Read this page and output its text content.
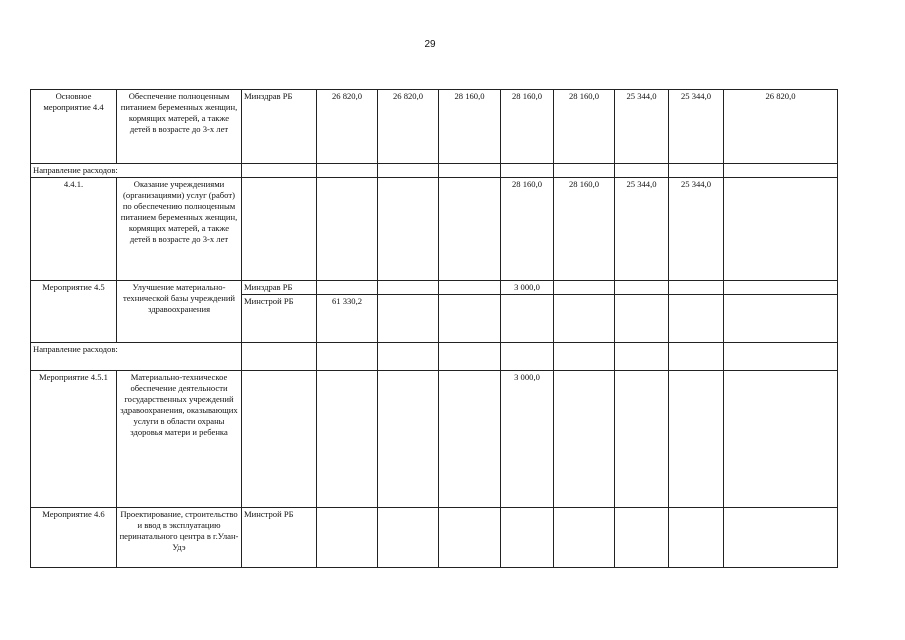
29
Основное мероприятие 4.4	Обеспечение полноценным питанием беременных женщин, кормящих матерей, а также детей в возрасте до 3-х лет	Минздрав РБ	26 820,0	26 820,0	28 160,0	28 160,0	28 160,0	25 344,0	25 344,0	26 820,0
Направление расходов:										
4.4.1.	Оказание учреждениями (организациями) услуг (работ) по обеспечению полноценным питанием беременных женщин, кормящих матерей, а также детей в возрасте до 3-х лет					28 160,0	28 160,0	25 344,0	25 344,0	
Мероприятие 4.5	Улучшение материально-технической базы учреждений здравоохранения	Минздрав РБ				3 000,0				
		Минстрой РБ	61 330,2							
Направление расходов:										
Мероприятие 4.5.1	Материально-техническое обеспечение деятельности государственных учреждений здравоохранения, оказывающих услуги в области охраны здоровья матери и ребенка					3 000,0				
Мероприятие 4.6	Проектирование, строительство и ввод в эксплуатацию перинатального центра в г.Улан-Удэ	Минстрой РБ								
